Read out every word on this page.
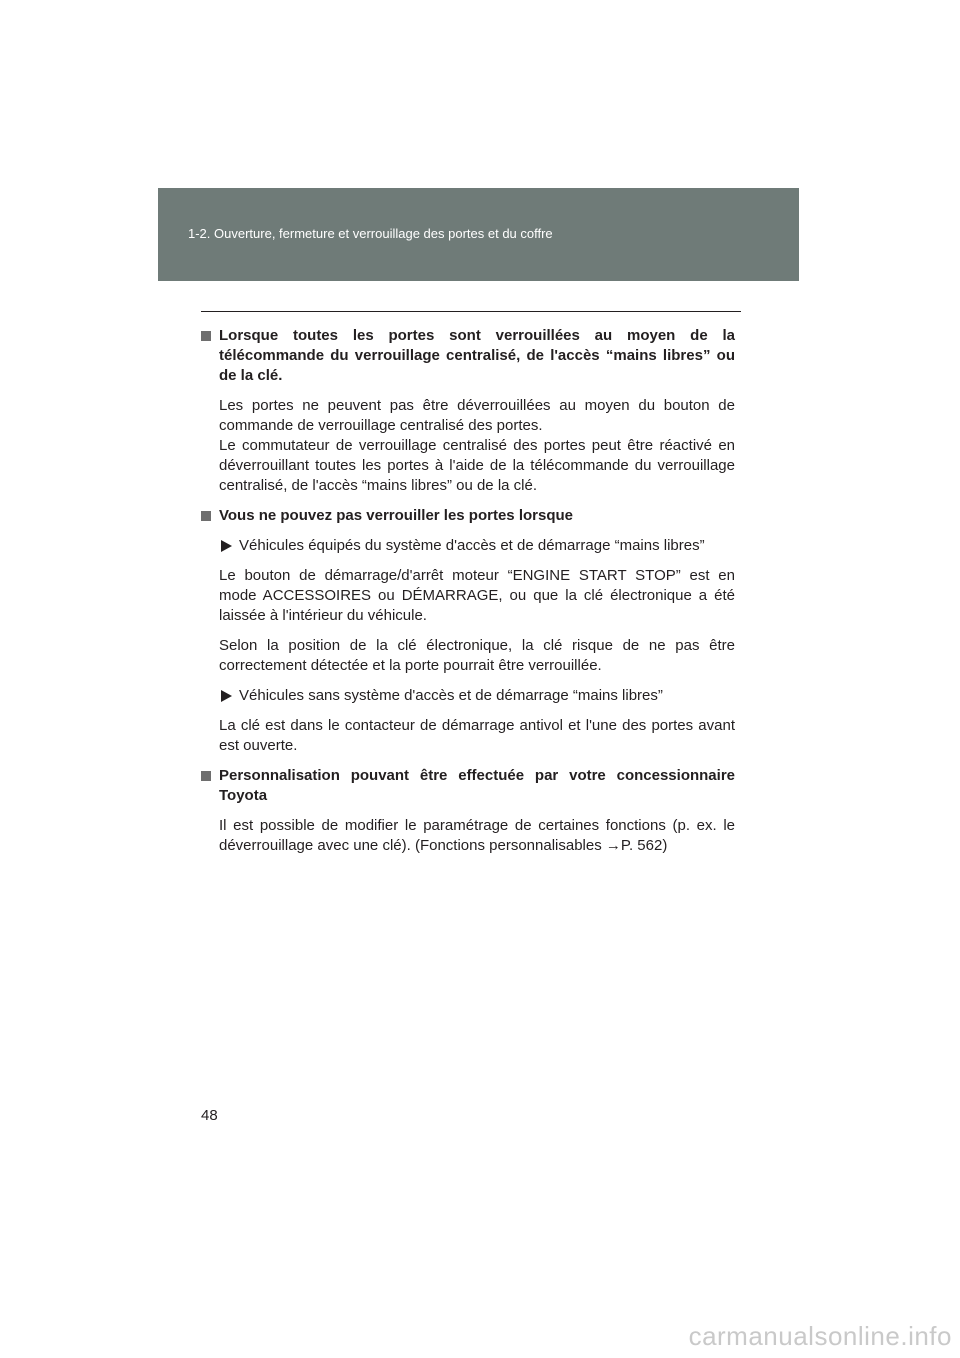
1-2. Ouverture, fermeture et verrouillage des portes et du coffre
Lorsque toutes les portes sont verrouillées au moyen de la télécommande du verrouillage centralisé, de l'accès “mains libres” ou de la clé.

Les portes ne peuvent pas être déverrouillées au moyen du bouton de commande de verrouillage centralisé des portes.

Le commutateur de verrouillage centralisé des portes peut être réactivé en déverrouillant toutes les portes à l'aide de la télécommande du verrouillage centralisé, de l'accès “mains libres” ou de la clé.

Vous ne pouvez pas verrouiller les portes lorsque
Véhicules équipés du système d'accès et de démarrage “mains libres”

Le bouton de démarrage/d'arrêt moteur “ENGINE START STOP” est en mode ACCESSOIRES ou DÉMARRAGE, ou que la clé électronique a été laissée à l'intérieur du véhicule.

Selon la position de la clé électronique, la clé risque de ne pas être correctement détectée et la porte pourrait être verrouillée.

Véhicules sans système d'accès et de démarrage “mains libres”

La clé est dans le contacteur de démarrage antivol et l'une des portes avant est ouverte.

Personnalisation pouvant être effectuée par votre concessionnaire Toyota

Il est possible de modifier le paramétrage de certaines fonctions (p. ex. le déverrouillage avec une clé). (Fonctions personnalisables →P. 562)

48
carmanualsonline.info
